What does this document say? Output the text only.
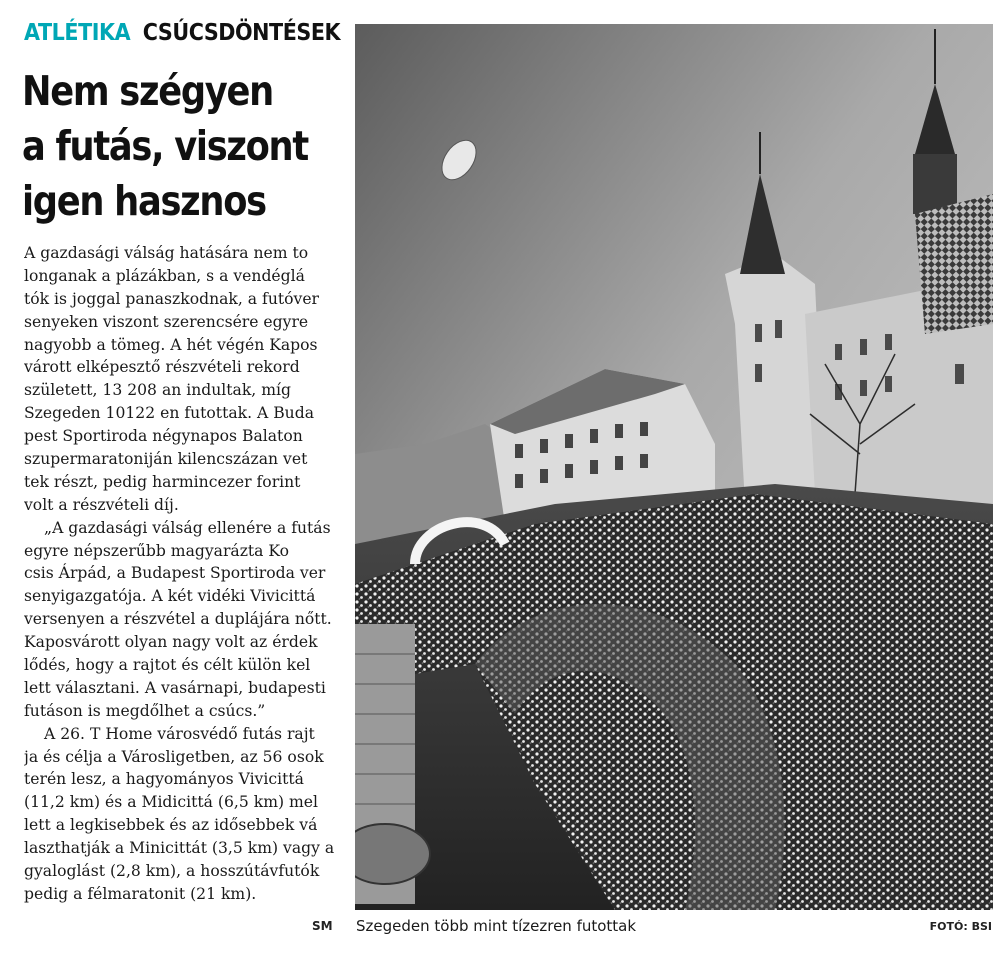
ATLÉTIKA CSÚCSDÖNTÉSEK
Nem szégyen
a futás, viszont
igen hasznos
A gazdasági válság hatására nem to
longanak a plázákban, s a vendéglá
tók is joggal panaszkodnak, a futóver
senyeken viszont szerencsére egyre
nagyobb a tömeg. A hét végén Kapos
várott elképesztő részvételi rekord
született, 13 208 an indultak, míg
Szegeden 10122 en futottak. A Buda
pest Sportiroda négynapos Balaton
szupermaratoniján kilencszázan vet
tek részt, pedig harmincezer forint
volt a részvételi díj.
„A gazdasági válság ellenére a futás
egyre népszerűbb magyarázta Ko
csis Árpád, a Budapest Sportiroda ver
senyigazgatója. A két vidéki Vivicittá
versenyen a részvétel a duplájára nőtt.
Kaposvárott olyan nagy volt az érdek
lődés, hogy a rajtot és célt külön kel
lett választani. A vasárnapi, budapesti
futáson is megdőlhet a csúcs.”
A 26. T Home városvédő futás rajt
ja és célja a Városligetben, az 56 osok
terén lesz, a hagyományos Vivicittá
(11,2 km) és a Midicittá (6,5 km) mel
lett a legkisebbek és az idősebbek vá
laszthatják a Minicittát (3,5 km) vagy a
gyaloglást (2,8 km), a hosszútávfutók
pedig a félmaratonit (21 km).
SM Szegeden több mint tízezren futottak	FOTÓ: BSI
